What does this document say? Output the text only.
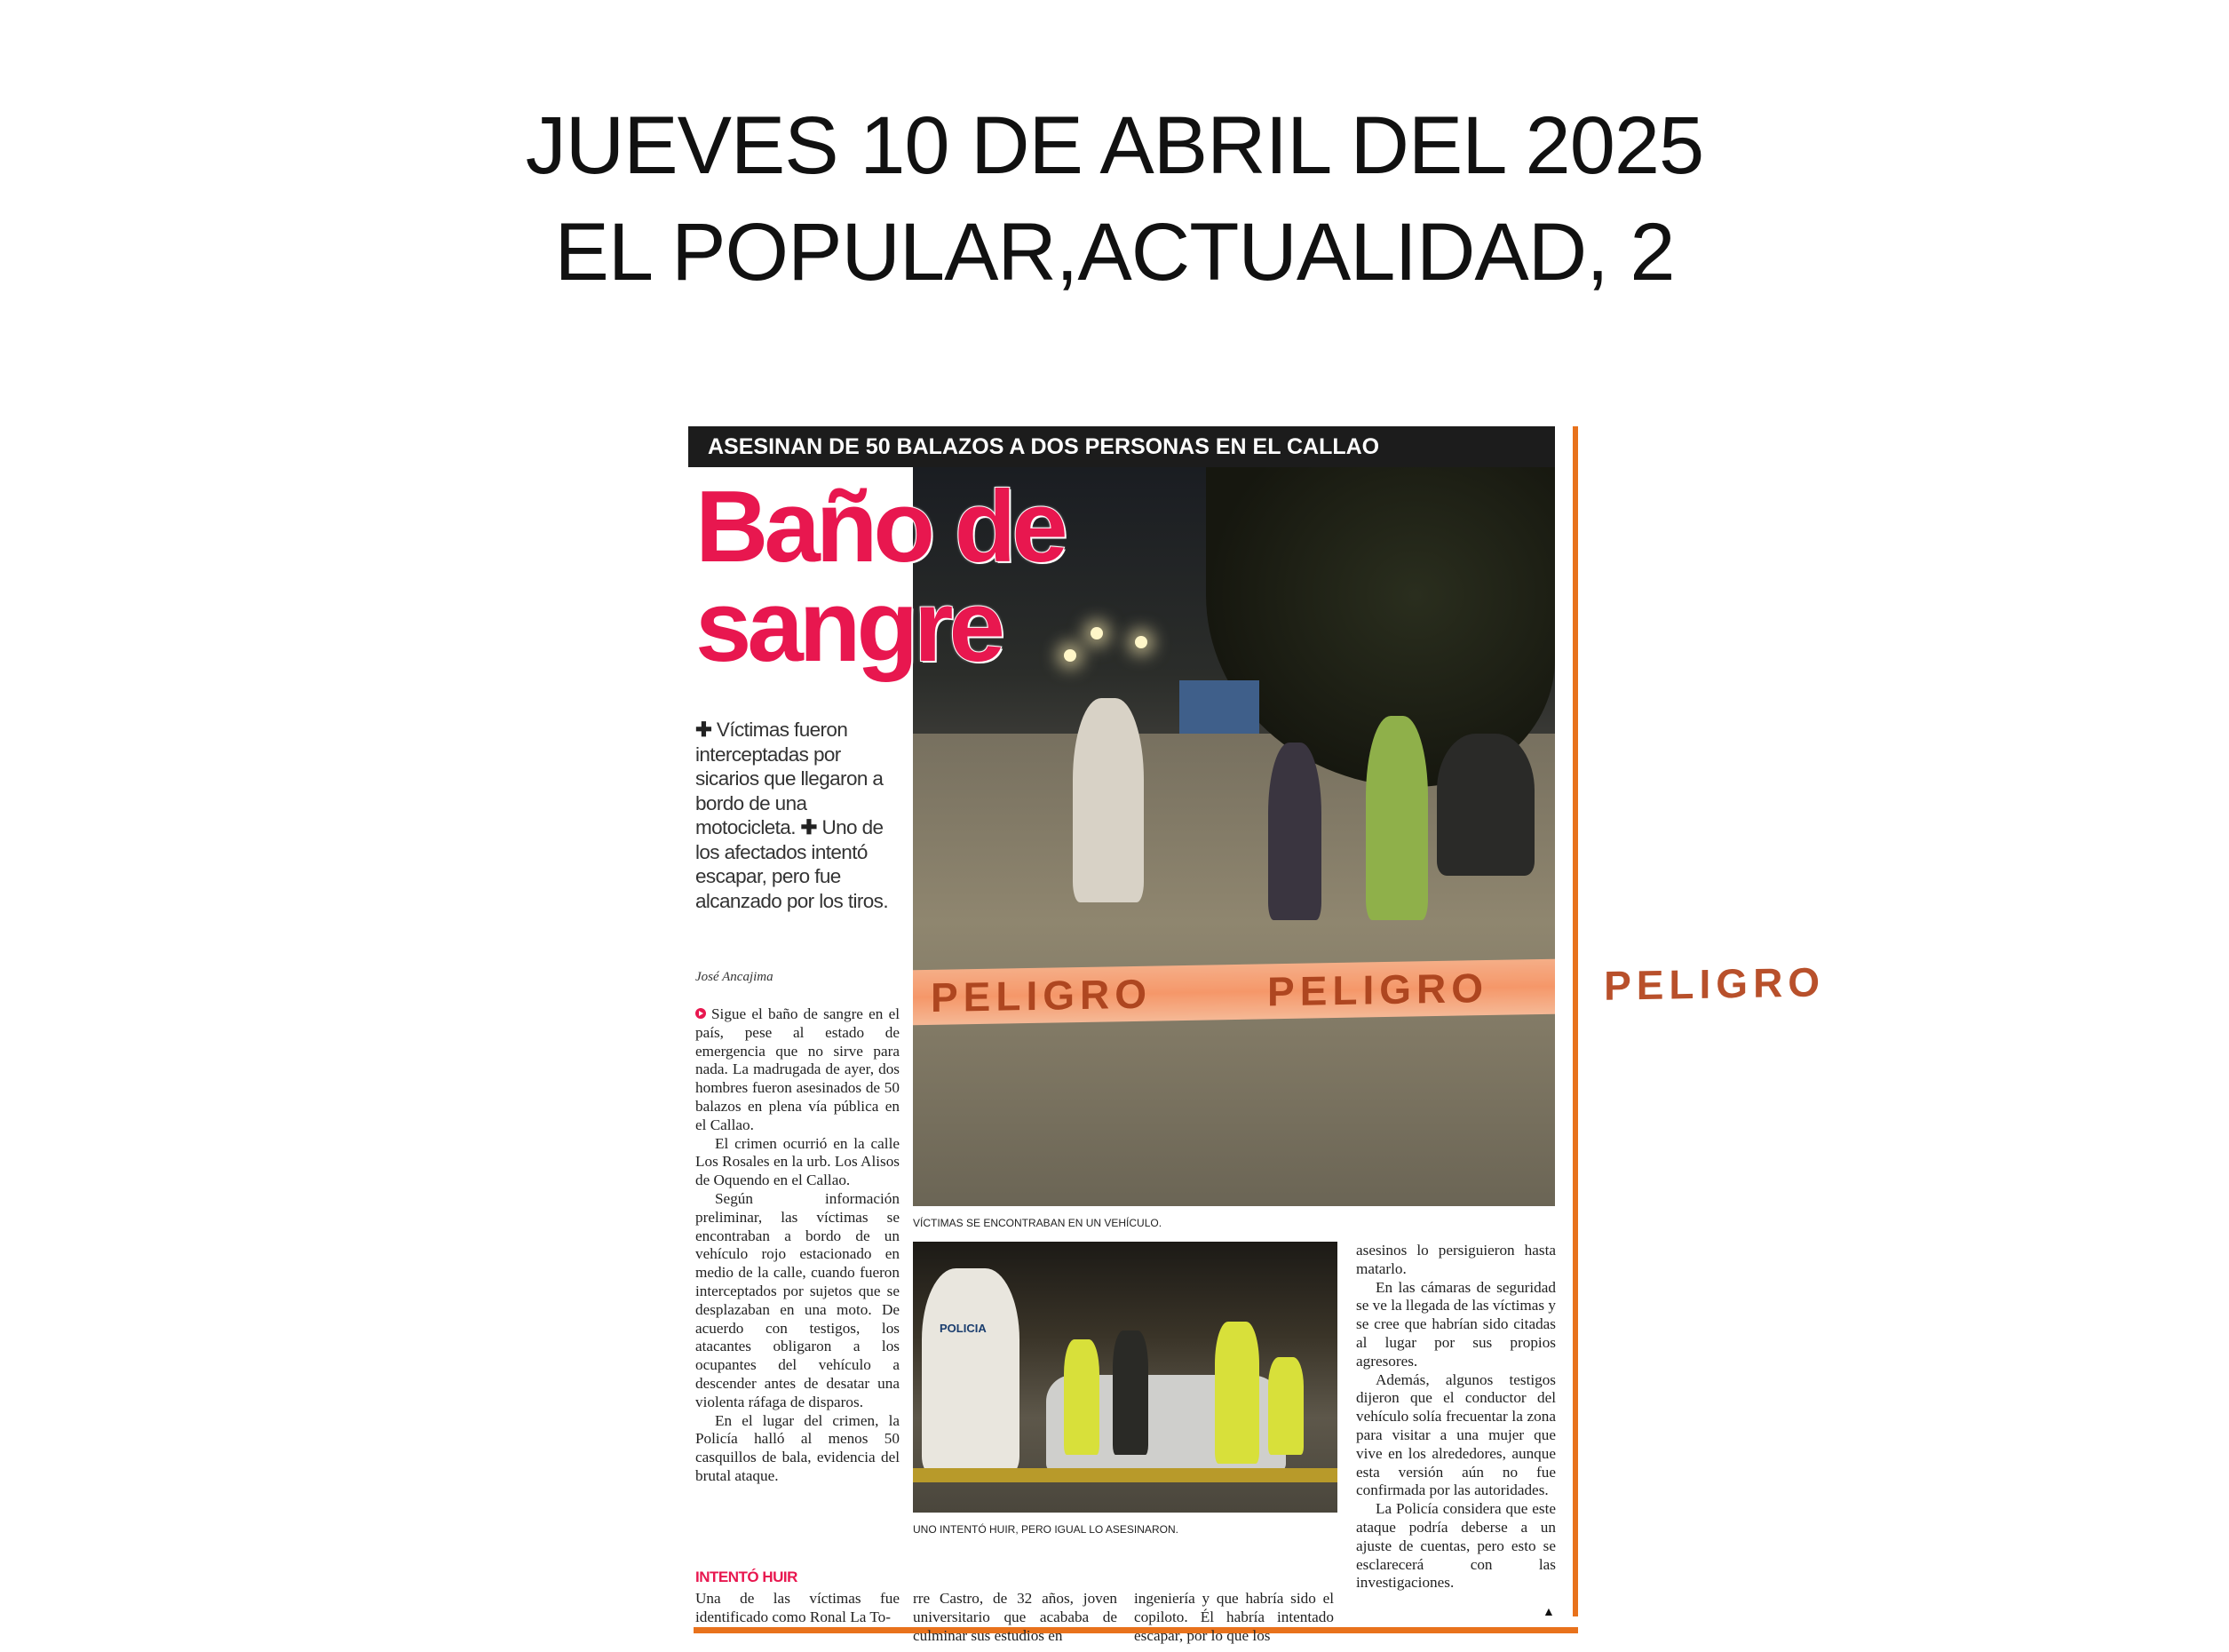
JUEVES 10 DE ABRIL DEL 2025
EL POPULAR,ACTUALIDAD, 2
ASESINAN DE 50 BALAZOS A DOS PERSONAS EN EL CALLAO
PELIGRO	PELIGRO	PELIGRO
VÍCTIMAS SE ENCONTRABAN EN UN VEHÍCULO.
Baño de
sangre
✚ Víctimas fueron interceptadas por sicarios que llegaron a bordo de una motocicleta. ✚ Uno de los afectados intentó escapar, pero fue alcanzado por los tiros.
José Ancajima

Sigue el baño de sangre en el país, pese al estado de emergencia que no sirve para nada. La madrugada de ayer, dos hombres fueron asesinados de 50 balazos en plena vía pública en el Callao.

El crimen ocurrió en la calle Los Rosales en la urb. Los Alisos de Oquendo en el Callao.

Según información preliminar, las víctimas se encontraban a bordo de un vehículo rojo estacionado en medio de la calle, cuando fueron interceptados por sujetos que se desplazaban en una moto. De acuerdo con testigos, los atacantes obligaron a los ocupantes del vehículo a descender antes de desatar una violenta ráfaga de disparos.

En el lugar del crimen, la Policía halló al menos 50 casquillos de bala, evidencia del brutal ataque.

INTENTÓ HUIR

Una de las víctimas fue identificado como Ronal La To-

rre Castro, de 32 años, joven universitario que acababa de culminar sus estudios en

ingeniería y que habría sido el copiloto. Él habría intentado escapar, por lo que los

POLICIA
UNO INTENTÓ HUIR, PERO IGUAL LO ASESINARON.

asesinos lo persiguieron hasta matarlo.

En las cámaras de seguridad se ve la llegada de las víctimas y se cree que habrían sido citadas al lugar por sus propios agresores.

Además, algunos testigos dijeron que el conductor del vehículo solía frecuentar la zona para visitar a una mujer que vive en los alrededores, aunque esta versión aún no fue confirmada por las autoridades.

La Policía considera que este ataque podría deberse a un ajuste de cuentas, pero esto se esclarecerá con las investigaciones.

▲
